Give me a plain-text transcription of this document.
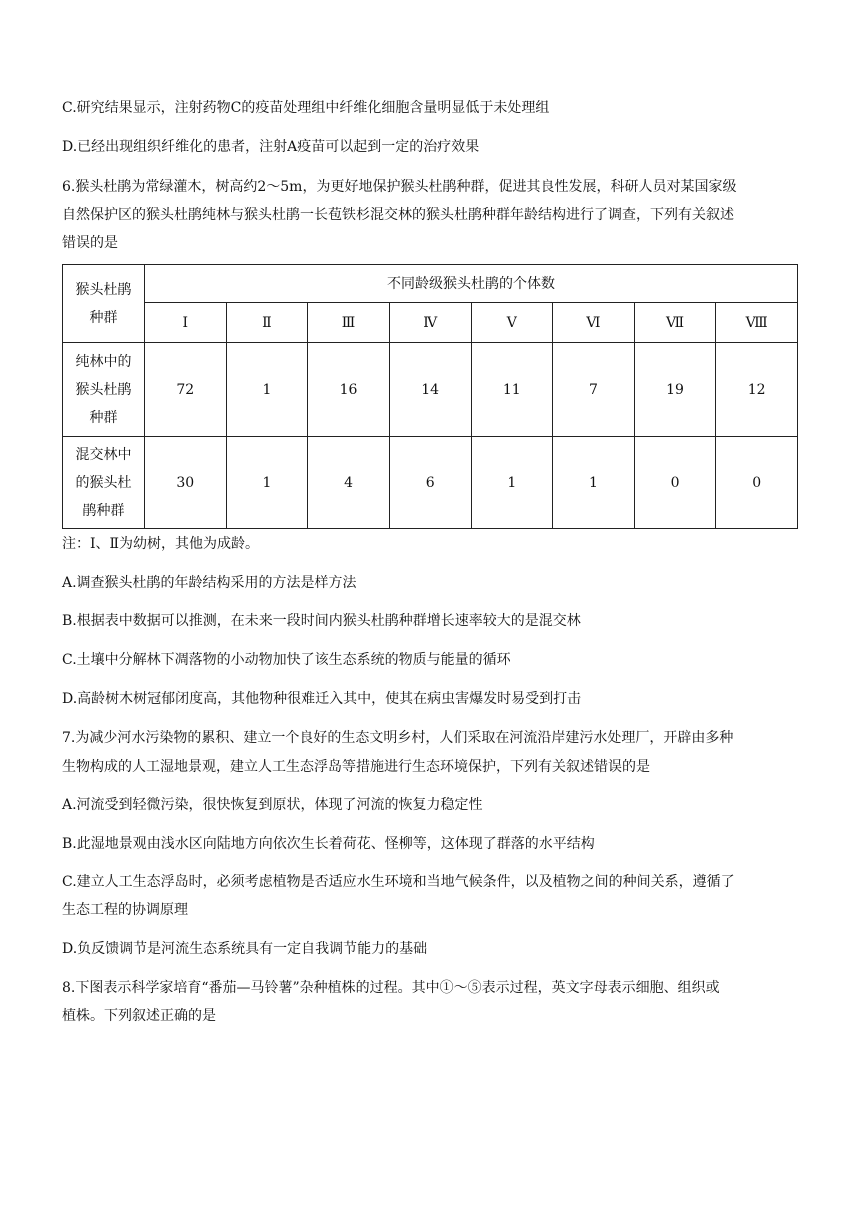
C.研究结果显示，注射药物C的疫苗处理组中纤维化细胞含量明显低于未处理组
D.已经出现组织纤维化的患者，注射A疫苗可以起到一定的治疗效果
6.猴头杜鹃为常绿灌木，树高约2～5m，为更好地保护猴头杜鹃种群，促进其良性发展，科研人员对某国家级
自然保护区的猴头杜鹃纯林与猴头杜鹃一长苞铁杉混交林的猴头杜鹃种群年龄结构进行了调查，下列有关叙述
错误的是
猴头杜鹃
种群	不同龄级猴头杜鹃的个体数							
	I	Ⅱ	Ⅲ	Ⅳ	V	Ⅵ	Ⅶ	Ⅷ
纯林中的
猴头杜鹃
种群	72	1	16	14	11	7	19	12
混交林中
的猴头杜
鹃种群	30	1	4	6	1	1	0	0
注：I、Ⅱ为幼树，其他为成龄。
A.调查猴头杜鹃的年龄结构采用的方法是样方法
B.根据表中数据可以推测，在未来一段时间内猴头杜鹃种群增长速率较大的是混交林
C.土壤中分解林下凋落物的小动物加快了该生态系统的物质与能量的循环
D.高龄树木树冠郁闭度高，其他物种很难迁入其中，使其在病虫害爆发时易受到打击
7.为减少河水污染物的累积、建立一个良好的生态文明乡村，人们采取在河流沿岸建污水处理厂，开辟由多种
生物构成的人工湿地景观，建立人工生态浮岛等措施进行生态环境保护，下列有关叙述错误的是
A.河流受到轻微污染，很快恢复到原状，体现了河流的恢复力稳定性
B.此湿地景观由浅水区向陆地方向依次生长着荷花、怪柳等，这体现了群落的水平结构
C.建立人工生态浮岛时，必须考虑植物是否适应水生环境和当地气候条件，以及植物之间的种间关系，遵循了
生态工程的协调原理
D.负反馈调节是河流生态系统具有一定自我调节能力的基础
8.下图表示科学家培育“番茄—马铃薯”杂种植株的过程。其中①～⑤表示过程，英文字母表示细胞、组织或
植株。下列叙述正确的是
